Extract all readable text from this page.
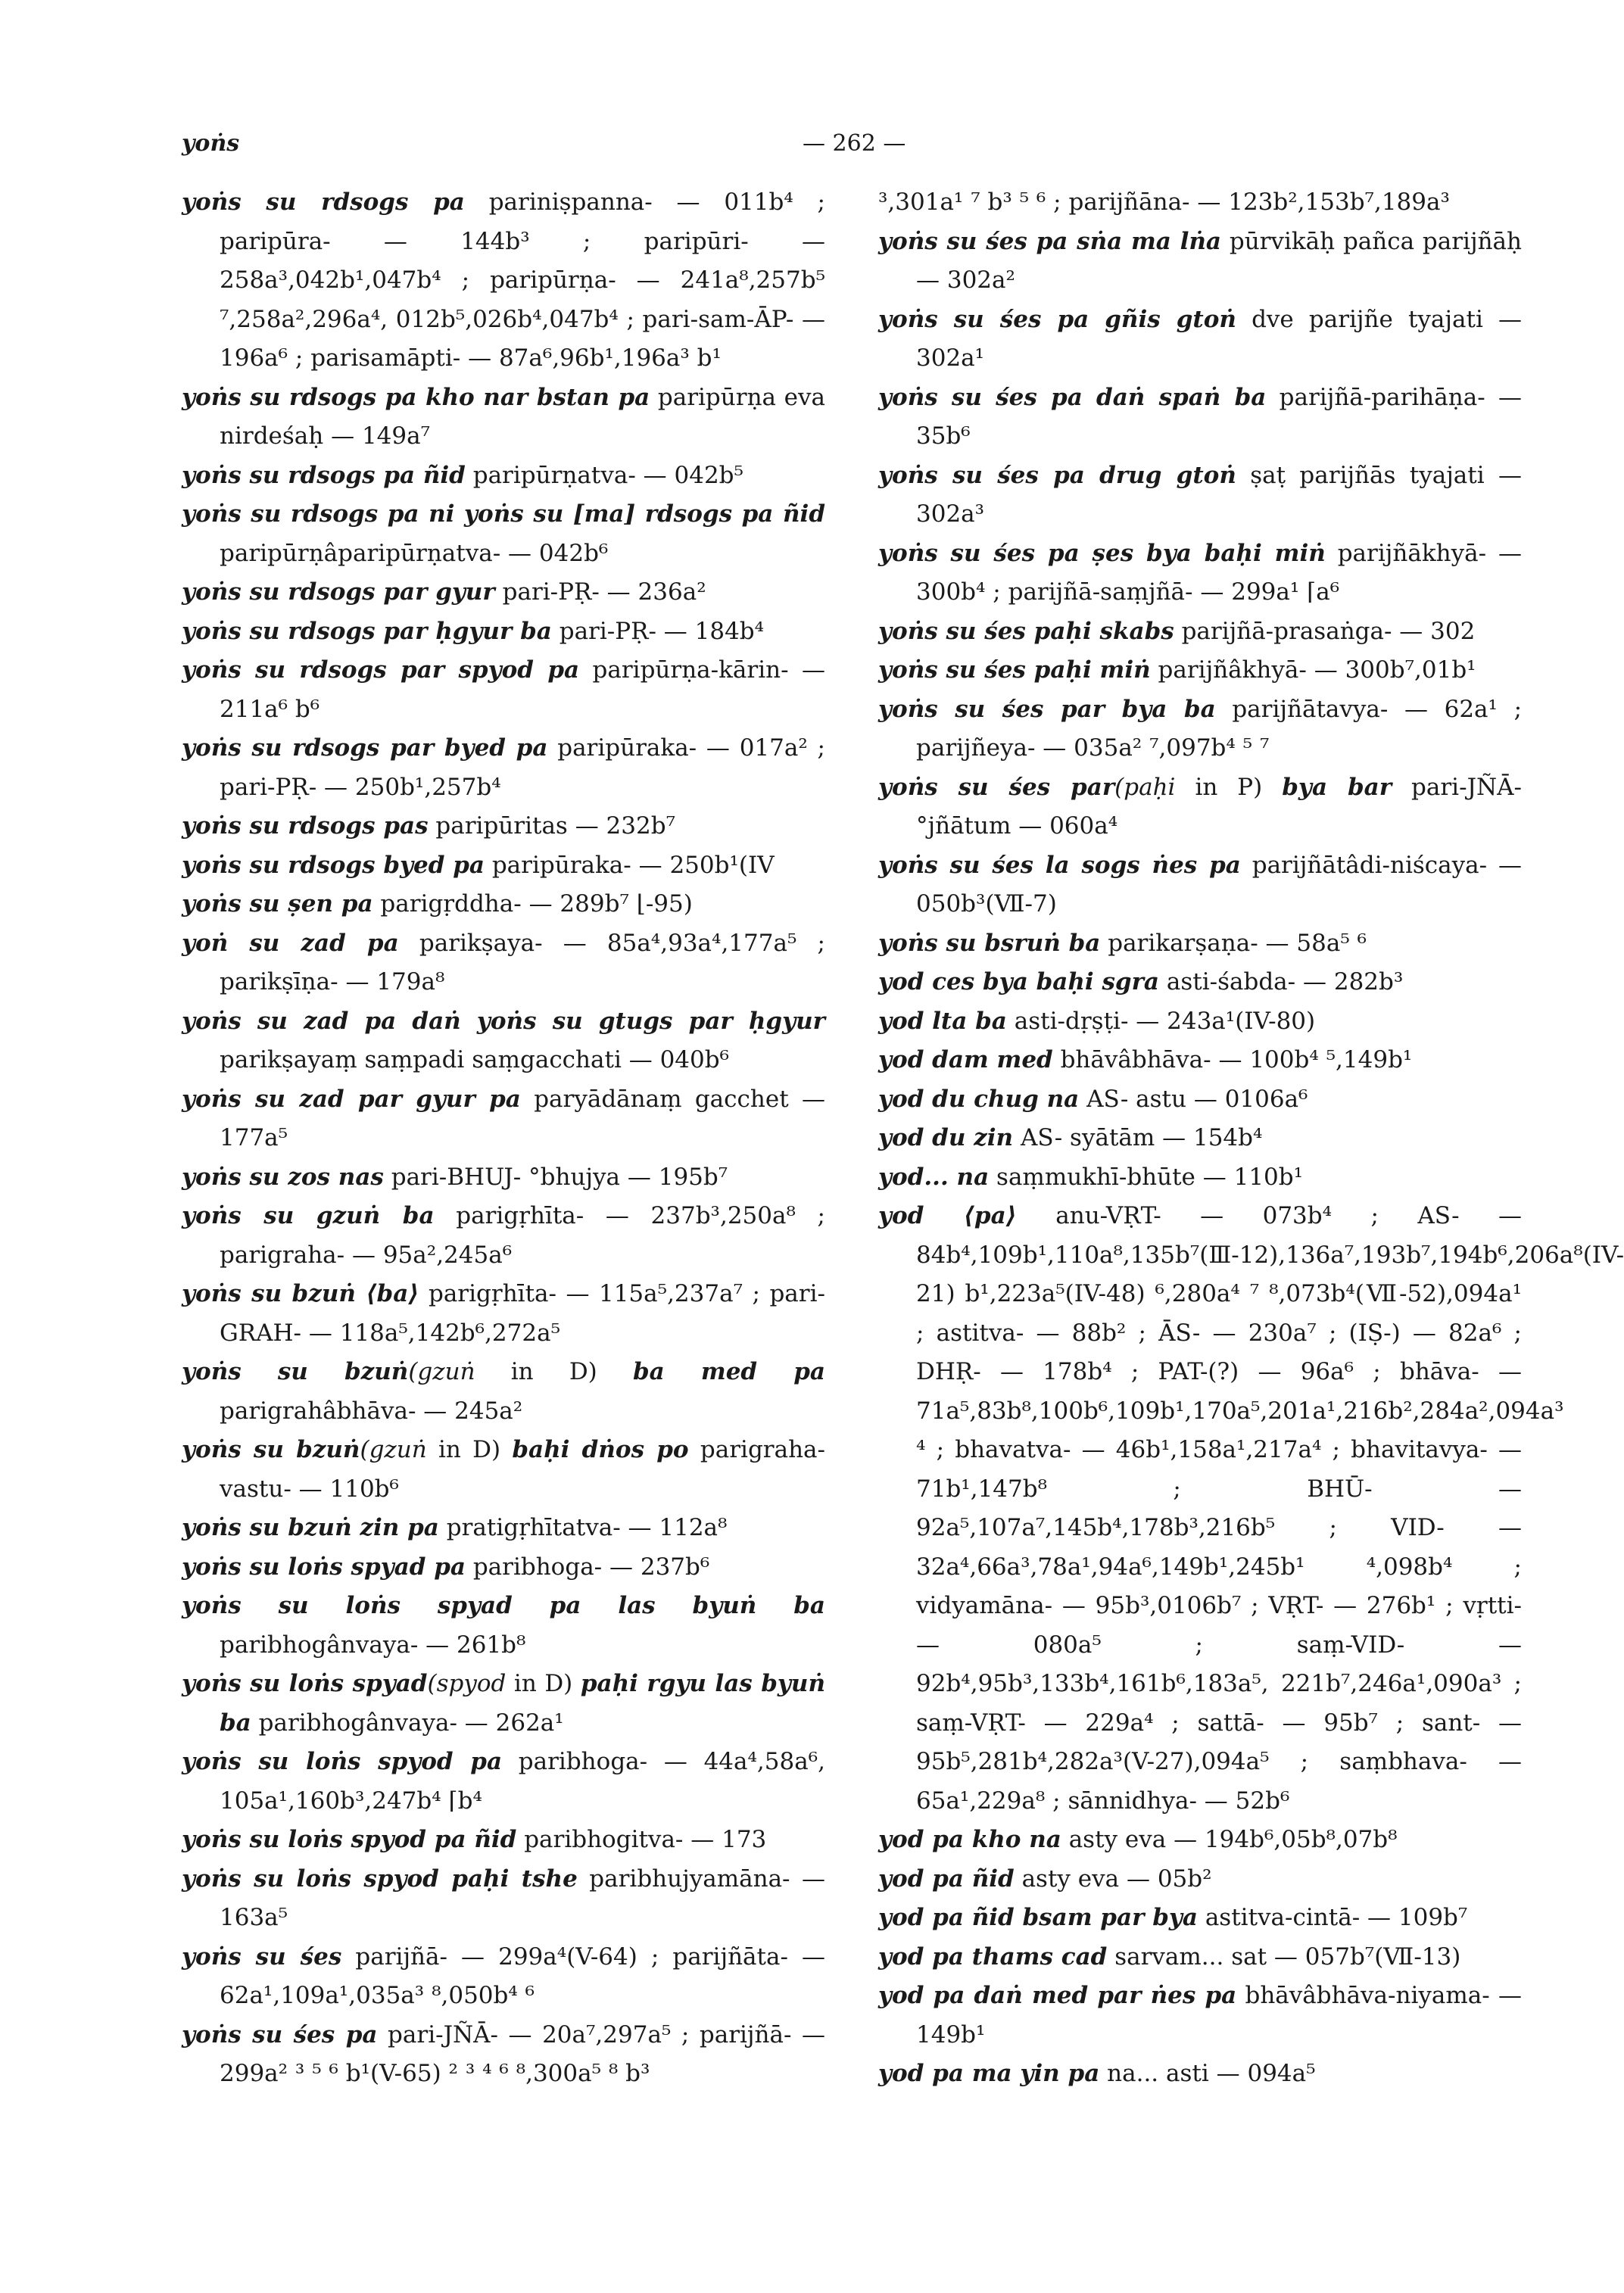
yoṅs	— 262 —
yoṅs su rdsogs pa pariniṣpanna- — 011b⁴ ; paripūra- — 144b³ ; paripūri- — 258a³,042b¹,047b⁴ ; paripūrṇa- — 241a⁸,257b⁵ ⁷,258a²,296a⁴, 012b⁵,026b⁴,047b⁴ ; pari-sam-ĀP- — 196a⁶ ; parisamāpti- — 87a⁶,96b¹,196a³ b¹
yoṅs su rdsogs pa kho nar bstan pa paripūrṇa eva nirdeśaḥ — 149a⁷
yoṅs su rdsogs pa ñid paripūrṇatva- — 042b⁵
yoṅs su rdsogs pa ni yoṅs su [ma] rdsogs pa ñid paripūrṇâparipūrṇatva- — 042b⁶
yoṅs su rdsogs par gyur pari-PṚ- — 236a²
yoṅs su rdsogs par ḥgyur ba pari-PṚ- — 184b⁴
yoṅs su rdsogs par spyod pa paripūrṇa-kārin- — 211a⁶ b⁶
yoṅs su rdsogs par byed pa paripūraka- — 017a² ; pari-PṚ- — 250b¹,257b⁴
yoṅs su rdsogs pas paripūritas — 232b⁷
yoṅs su rdsogs byed pa paripūraka- — 250b¹(IV
yoṅs su ṣen pa parigṛddha- — 289b⁷ ⌊-95)
yoṅ su zad pa parikṣaya- — 85a⁴,93a⁴,177a⁵ ; parikṣīṇa- — 179a⁸
yoṅs su zad pa daṅ yoṅs su gtugs par ḥgyur parikṣayaṃ saṃpadi saṃgacchati — 040b⁶
yoṅs su zad par gyur pa paryādānaṃ gacchet — 177a⁵
yoṅs su zos nas pari-BHUJ- °bhujya — 195b⁷
yoṅs su gzuṅ ba parigṛhīta- — 237b³,250a⁸ ; parigraha- — 95a²,245a⁶
yoṅs su bzuṅ ⟨ba⟩ parigṛhīta- — 115a⁵,237a⁷ ; pari-GRAH- — 118a⁵,142b⁶,272a⁵
yoṅs su bzuṅ(gzuṅ in D) ba med pa parigrahâbhāva- — 245a²
yoṅs su bzuṅ(gzuṅ in D) baḥi dṅos po parigraha-vastu- — 110b⁶
yoṅs su bzuṅ zin pa pratigṛhītatva- — 112a⁸
yoṅs su loṅs spyad pa paribhoga- — 237b⁶
yoṅs su loṅs spyad pa las byuṅ ba paribhogânvaya- — 261b⁸
yoṅs su loṅs spyad(spyod in D) paḥi rgyu las byuṅ ba paribhogânvaya- — 262a¹
yoṅs su loṅs spyod pa paribhoga- — 44a⁴,58a⁶, 105a¹,160b³,247b⁴ ⌈b⁴
yoṅs su loṅs spyod pa ñid paribhogitva- — 173
yoṅs su loṅs spyod paḥi tshe paribhujyamāna- — 163a⁵
yoṅs su śes parijñā- — 299a⁴(V-64) ; parijñāta- — 62a¹,109a¹,035a³ ⁸,050b⁴ ⁶
yoṅs su śes pa pari-JÑĀ- — 20a⁷,297a⁵ ; parijñā- — 299a² ³ ⁵ ⁶ b¹(V-65) ² ³ ⁴ ⁶ ⁸,300a⁵ ⁸ b³
³,301a¹ ⁷ b³ ⁵ ⁶ ; parijñāna- — 123b²,153b⁷,189a³
yoṅs su śes pa sṅa ma lṅa pūrvikāḥ pañca parijñāḥ — 302a²
yoṅs su śes pa gñis gtoṅ dve parijñe tyajati — 302a¹
yoṅs su śes pa daṅ spaṅ ba parijñā-parihāṇa- — 35b⁶
yoṅs su śes pa drug gtoṅ ṣaṭ parijñās tyajati — 302a³
yoṅs su śes pa ṣes bya baḥi miṅ parijñākhyā- — 300b⁴ ; parijñā-saṃjñā- — 299a¹ ⌈a⁶
yoṅs su śes paḥi skabs parijñā-prasaṅga- — 302
yoṅs su śes paḥi miṅ parijñâkhyā- — 300b⁷,01b¹
yoṅs su śes par bya ba parijñātavya- — 62a¹ ; parijñeya- — 035a² ⁷,097b⁴ ⁵ ⁷
yoṅs su śes par(paḥi in P) bya bar pari-JÑĀ- °jñātum — 060a⁴
yoṅs su śes la sogs ṅes pa parijñātâdi-niścaya- — 050b³(Ⅶ-7)
yoṅs su bsruṅ ba parikarṣaṇa- — 58a⁵ ⁶
yod ces bya baḥi sgra asti-śabda- — 282b³
yod lta ba asti-dṛṣṭi- — 243a¹(IV-80)
yod dam med bhāvâbhāva- — 100b⁴ ⁵,149b¹
yod du chug na AS- astu — 0106a⁶
yod du zin AS- syātām — 154b⁴
yod... na saṃmukhī-bhūte — 110b¹
yod ⟨pa⟩ anu-VṚT- — 073b⁴ ; AS- — 84b⁴,109b¹,110a⁸,135b⁷(Ⅲ-12),136a⁷,193b⁷,194b⁶,206a⁸(IV-21) b¹,223a⁵(IV-48) ⁶,280a⁴ ⁷ ⁸,073b⁴(Ⅶ-52),094a¹ ; astitva- — 88b² ; ĀS- — 230a⁷ ; (IṢ-) — 82a⁶ ; DHṚ- — 178b⁴ ; PAT-(?) — 96a⁶ ; bhāva- — 71a⁵,83b⁸,100b⁶,109b¹,170a⁵,201a¹,216b²,284a²,094a³ ⁴ ; bhavatva- — 46b¹,158a¹,217a⁴ ; bhavitavya- — 71b¹,147b⁸ ; BHŪ- — 92a⁵,107a⁷,145b⁴,178b³,216b⁵ ; VID- — 32a⁴,66a³,78a¹,94a⁶,149b¹,245b¹ ⁴,098b⁴ ; vidyamāna- — 95b³,0106b⁷ ; VṚT- — 276b¹ ; vṛtti- — 080a⁵ ; saṃ-VID- — 92b⁴,95b³,133b⁴,161b⁶,183a⁵, 221b⁷,246a¹,090a³ ; saṃ-VṚT- — 229a⁴ ; sattā- — 95b⁷ ; sant- — 95b⁵,281b⁴,282a³(V-27),094a⁵ ; saṃbhava- — 65a¹,229a⁸ ; sānnidhya- — 52b⁶
yod pa kho na asty eva — 194b⁶,05b⁸,07b⁸
yod pa ñid asty eva — 05b²
yod pa ñid bsam par bya astitva-cintā- — 109b⁷
yod pa thams cad sarvam... sat — 057b⁷(Ⅶ-13)
yod pa daṅ med par ṅes pa bhāvâbhāva-niyama- — 149b¹
yod pa ma yin pa na... asti — 094a⁵
